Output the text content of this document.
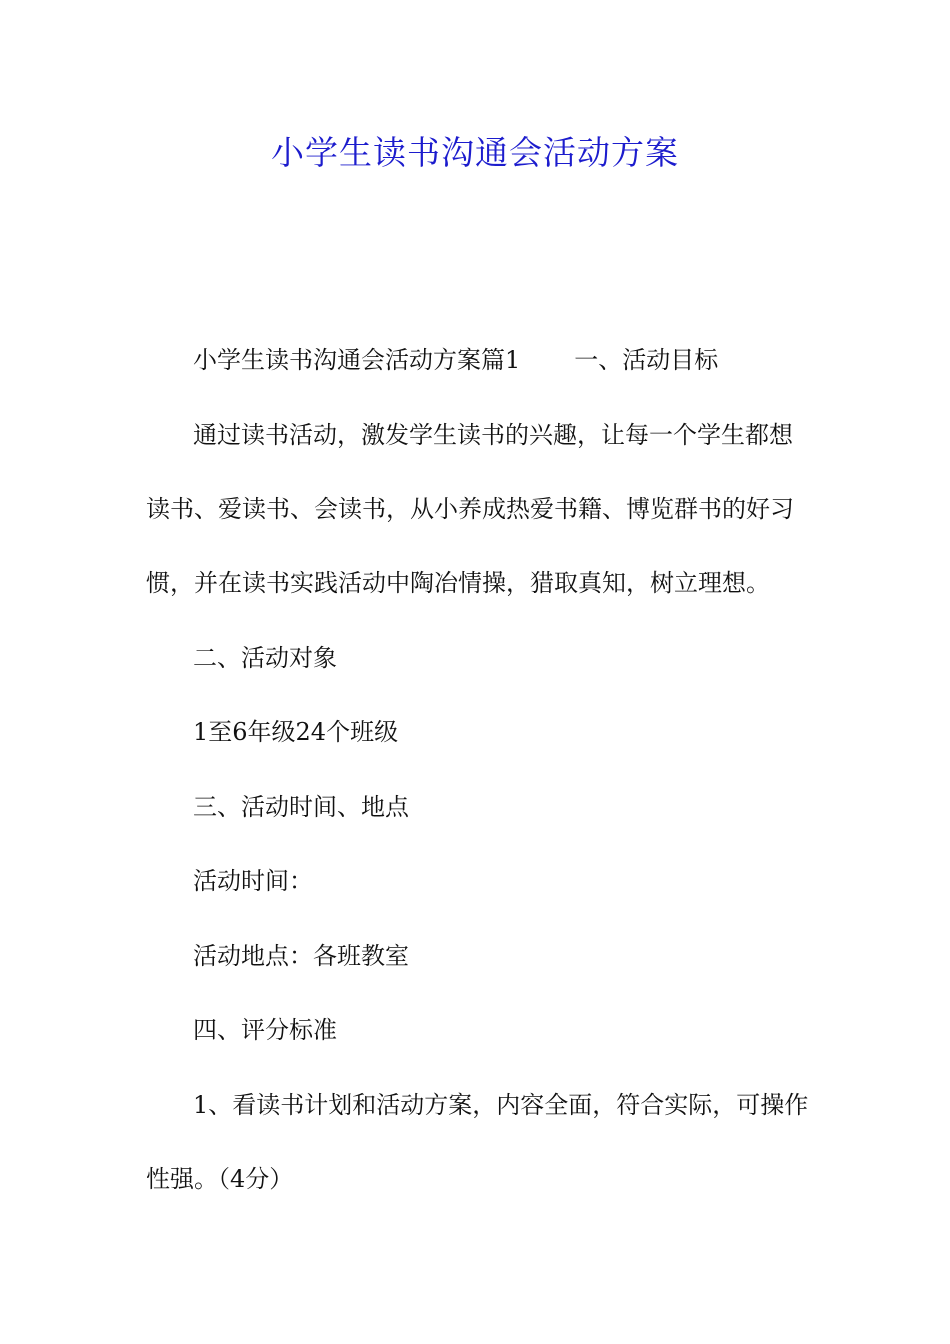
小学生读书沟通会活动方案

小学生读书沟通会活动方案篇1 一、活动目标

通过读书活动，激发学生读书的兴趣，让每一个学生都想

读书、爱读书、会读书，从小养成热爱书籍、博览群书的好习

惯，并在读书实践活动中陶冶情操，猎取真知，树立理想。

二、活动对象

1至6年级24个班级

三、活动时间、地点

活动时间：

活动地点：各班教室

四、评分标准

1、看读书计划和活动方案，内容全面，符合实际，可操作

性强。（4分）
